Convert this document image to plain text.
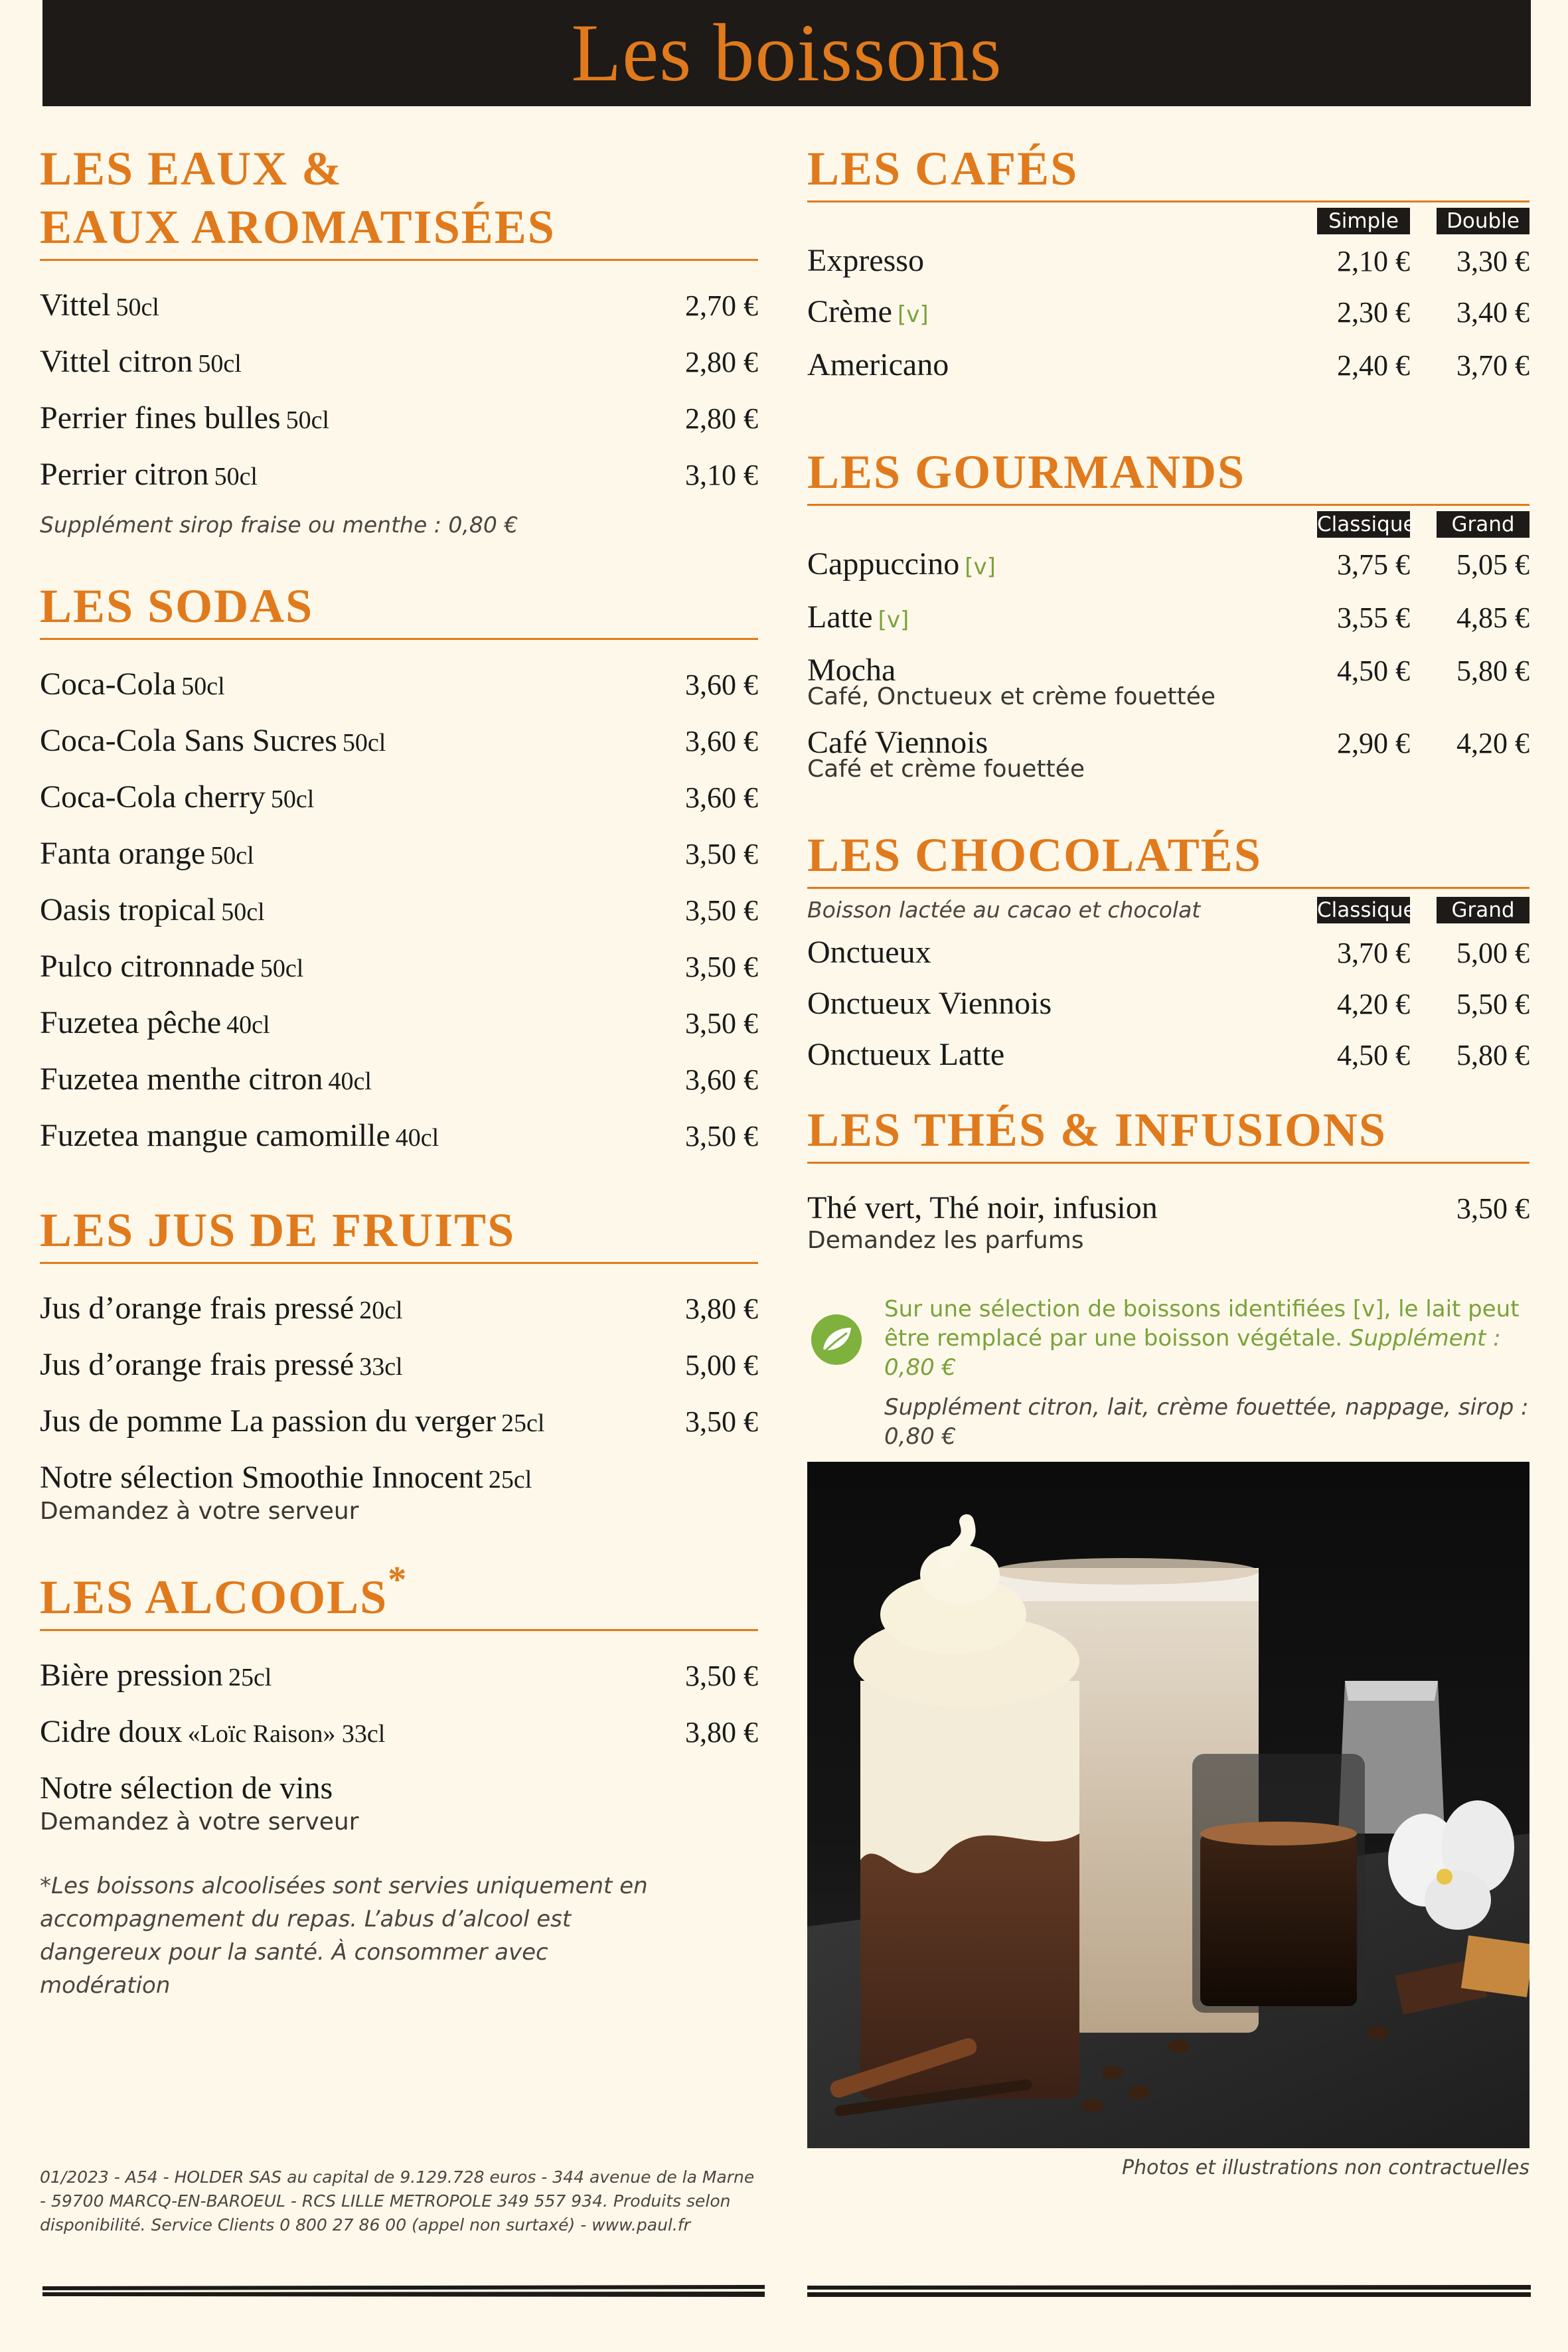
Les boissons
LES EAUX &
EAUX AROMATISÉES
Vittel 50cl	2,70 €
Vittel citron 50cl	2,80 €
Perrier fines bulles 50cl	2,80 €
Perrier citron 50cl	3,10 €
Supplément sirop fraise ou menthe : 0,80 €
LES SODAS
Coca-Cola 50cl	3,60 €
Coca-Cola Sans Sucres 50cl	3,60 €
Coca-Cola cherry 50cl	3,60 €
Fanta orange 50cl	3,50 €
Oasis tropical 50cl	3,50 €
Pulco citronnade 50cl	3,50 €
Fuzetea pêche 40cl	3,50 €
Fuzetea menthe citron 40cl	3,60 €
Fuzetea mangue camomille 40cl	3,50 €
LES JUS DE FRUITS
Jus d’orange frais pressé 20cl	3,80 €
Jus d’orange frais pressé 33cl	5,00 €
Jus de pomme La passion du verger 25cl	3,50 €
Notre sélection Smoothie Innocent 25cl
Demandez à votre serveur
LES ALCOOLS*
Bière pression 25cl	3,50 €
Cidre doux «Loïc Raison» 33cl	3,80 €
Notre sélection de vins
Demandez à votre serveur
*Les boissons alcoolisées sont servies uniquement en accompagnement du repas. L’abus d’alcool est dangereux pour la santé. À consommer avec modération
LES CAFÉS
Simple	Double
Expresso	2,10 €	3,30 €
Crème [v]	2,30 €	3,40 €
Americano	2,40 €	3,70 €
LES GOURMANDS
Classique	Grand
Cappuccino [v]	3,75 €	5,05 €
Latte [v]	3,55 €	4,85 €
Mocha	4,50 €	5,80 €
Café, Onctueux et crème fouettée
Café Viennois	2,90 €	4,20 €
Café et crème fouettée
LES CHOCOLATÉS
Boisson lactée au cacao et chocolat	Classique	Grand
Onctueux	3,70 €	5,00 €
Onctueux Viennois	4,20 €	5,50 €
Onctueux Latte	4,50 €	5,80 €
LES THÉS & INFUSIONS
Thé vert, Thé noir, infusion	3,50 €
Demandez les parfums
Sur une sélection de boissons identifiées [v], le lait peut être remplacé par une boisson végétale. Supplément : 0,80 €
Supplément citron, lait, crème fouettée, nappage, sirop : 0,80 €
Photos et illustrations non contractuelles
01/2023 - A54 - HOLDER SAS au capital de 9.129.728 euros - 344 avenue de la Marne - 59700 MARCQ-EN-BAROEUL - RCS LILLE METROPOLE 349 557 934. Produits selon disponibilité. Service Clients 0 800 27 86 00 (appel non surtaxé) - www.paul.fr
